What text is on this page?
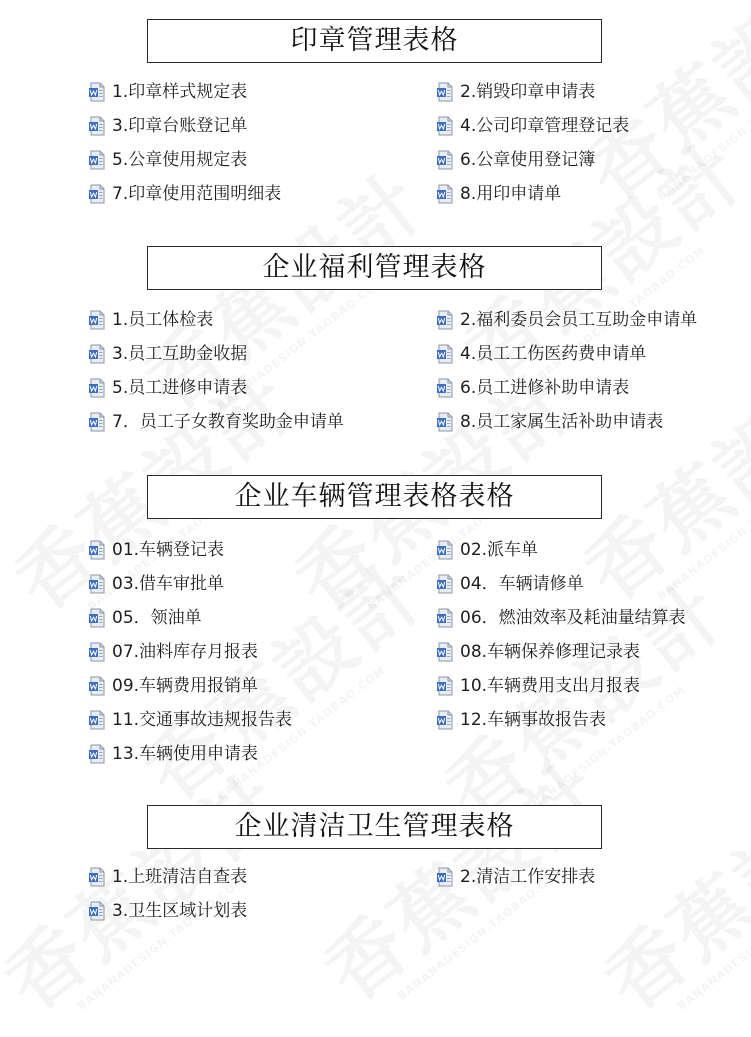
印章管理表格
企业福利管理表格
企业车辆管理表格表格
企业清洁卫生管理表格
1.印章样式规定表	2.销毁印章申请表
3.印章台账登记单	4.公司印章管理登记表
5.公章使用规定表	6.公章使用登记簿
7.印章使用范围明细表	8.用印申请单
1.员工体检表	2.福利委员会员工互助金申请单
3.员工互助金收据	4.员工工伤医药费申请单
5.员工进修申请表	6.员工进修补助申请表
7．员工子女教育奖助金申请单	8.员工家属生活补助申请表
01.车辆登记表	02.派车单
03.借车审批单	04．车辆请修单
05．领油单	06．燃油效率及耗油量结算表
07.油料库存月报表	08.车辆保养修理记录表
09.车辆费用报销单	10.车辆费用支出月报表
11.交通事故违规报告表	12.车辆事故报告表
13.车辆使用申请表
1.上班清洁自查表	2.清洁工作安排表
3.卫生区域计划表
